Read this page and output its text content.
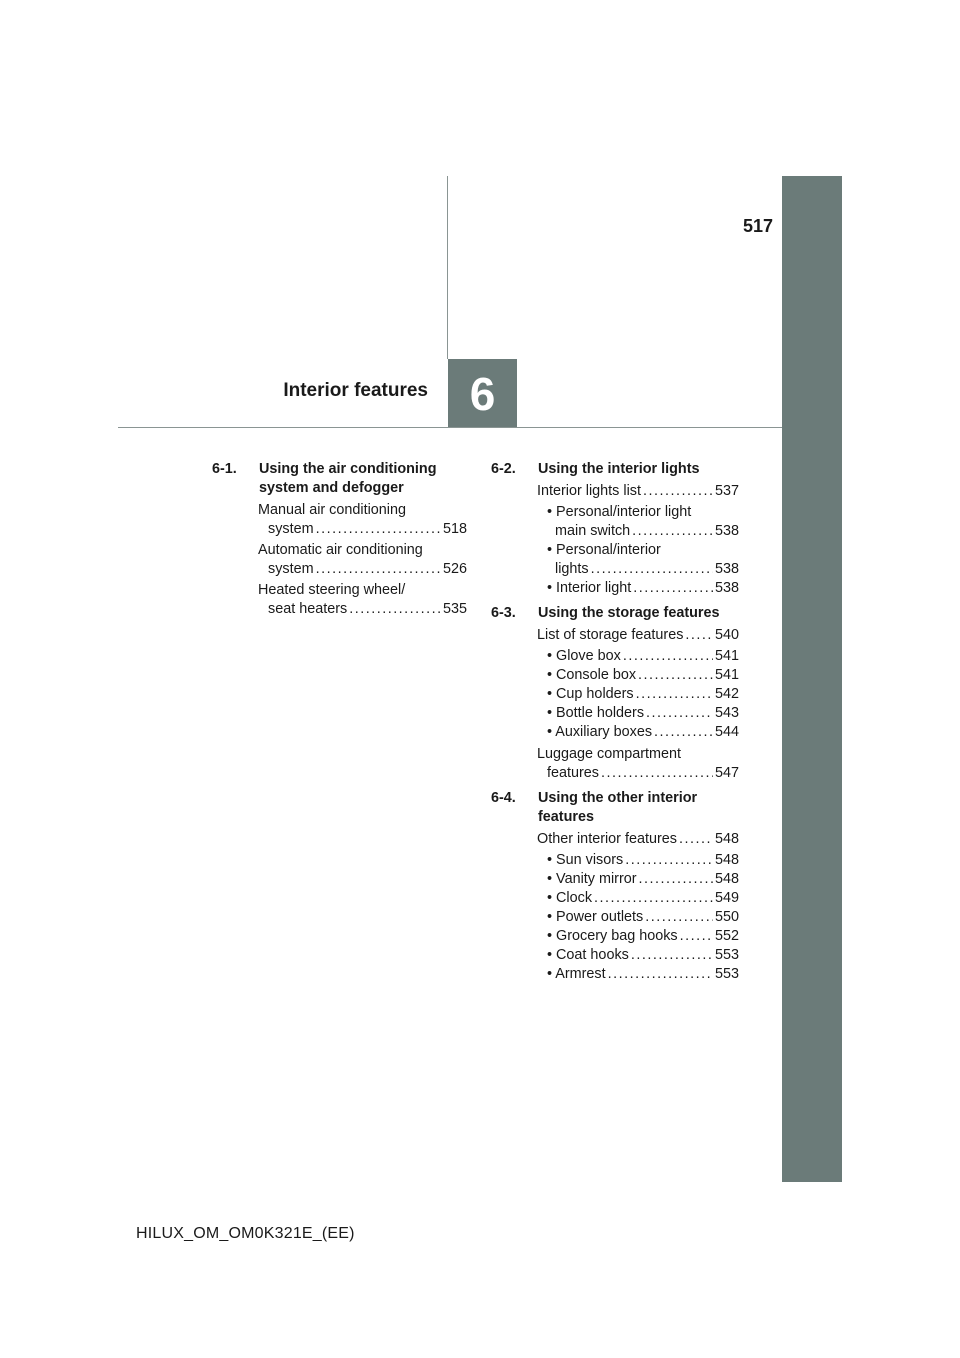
517
Interior features 6
6-1.	Using the air conditioning
system and defogger
Manual air conditioning
system .....	518
Automatic air conditioning
system .....	526
Heated steering wheel/
seat heaters .....	535
6-2.	Using the interior lights
Interior lights list .....	537
• Personal/interior light
main switch .....	538
• Personal/interior
lights .....	538
• Interior light .....	538
6-3.	Using the storage features
List of storage features ..... 540
• Glove box .....	541
• Console box .....	541
• Cup holders .....	542
• Bottle holders .....	543
• Auxiliary boxes .....	544
Luggage compartment
features .....	547
6-4.	Using the other interior
features
Other interior features .....	548
• Sun visors .....	548
• Vanity mirror .....	548
• Clock .....	549
• Power outlets .....	550
• Grocery bag hooks .....	552
• Coat hooks .....	553
• Armrest .....	553
HILUX_OM_OM0K321E_(EE)
